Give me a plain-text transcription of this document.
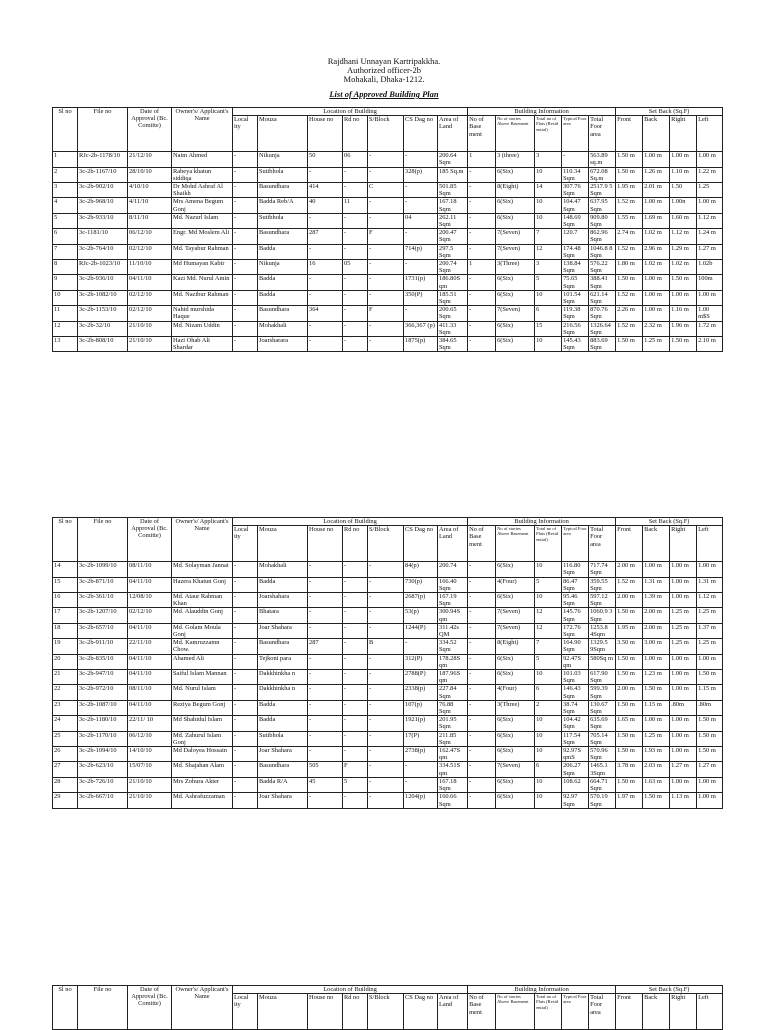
Rajdhani Unnayan Kartripakkha.
Authorized officer-2b
Mohakali, Dhaka-1212.
List of Approved Building Plan
Sl no	File no	Date of Approval (Bc. Comitte)	Owner's/ Applicant's Name	Location of Building							Building Information					Set Back (Sq.F)			
				Local ity	Mouza	House no	Rd no	S/Block	CS Dag no	Area of Land	No of Base ment	No of stories Above Basement	Total no of Flats (Resid ential)	Typical Foor area	Total Foor area	Front	Back	Right	Left
1	RJc-2b-1178/10	21/12/10	Naim Ahmed	-	Nikunja	50	06	-	-	200.64 Sqm	1	3 (three)	3	-	563.89 sq.m	1.50 m	1.00 m	1.00 m	1.00 m
2	3c-2b-1167/10	28/10/10	Rabeya khatun siddiqa	-	Sutibhola	-	-	-	328(p)	185 Sq.m	-	6(Six)	10	110.34 Sqm	672.08 Sq.m	1.50 m	1.26 m	1.10 m	1.22 m
3	3c-2b-902/10	4/10/10	Dr Mohd Ashraf Al Shaikh	-	Basundhara	414	-	C	-	501.85 Sqm	-	8(Eight)	14	307.76 Sqm	2517.9 5 Sqm	1.95 m	2.01 m	1.50	1.25
4	3c-2b-968/10	4/11/10	Mrs Amena Begum Gonj	-	Badda Reb/A	40	11	-	-	167.18 Sqm	-	6(Six)	10	104.47 Sqm	637.95 Sqm	1.52 m	1.00 m	1.00n	1.00 m
5	3c-2b-933/10	8/11/10	Md. Nazurl Islam	-	Sutibhola	-	-	-	04	262.11 Sqm	-	6(Six)	10	148.69 Sqm	909.80 Sqm	1.55 m	1.69 m	1.60 m	1.12 m
6	3c-1181/10	06/12/10	Engr. Md Moslem Ali	-	Basundhara	287	-	F	-	200.47 Sqm	-	7(Seven)	7	120.7	862.96 Sqm	2.74 m	1.02 m	1.12 m	1.24 m
7	3c-2b-764/10	02/12/10	Md. Tayabur Rahman	-	Badda	-	-	-	714(p)	297.5 Sqm	-	7(Seven)	12	174.48 Sqm	1046.8 8 Sqm	1.52 m	2.96 m	1.29 m	1.27 m
8	RJc-2b-1023/10	11/10/10	Md Humayan Kabir	-	Nikunja	16	05	-	-	200.74 Sqm	1	3(Three)	3	138.84 Sqm	576.22 Sqm	1.80 m	1.02 m	1.02 m	1.02b
9	3c-2b-936/10	04/11/10	Kazi Md. Nurul Amin	-	Badda	-	-	-	1731(p)	186.80S qm	-	6(Six)	5	75.65 Sqm	388.41 Sqm	1.50 m	1.00 m	1.50 m	100m
10	3c-2b-1082/10	02/12/10	Md. Nazibur Rahman	-	Badda	-	-	-	350(P)	185.51 Sqm	-	6(Six)	10	101.54 Sqm	621.14 Sqm	1.52 m	1.00 m	1.00 m	1.00 m
11	3c-2b-1153/10	02/12/10	Nahid murshida Haque	-	Basundhara	364	-	F	-	200.65 Sqm	-	7(Seven)	6	119.38 Sqm	870.76 Sqm	2.26 m	1.00 m	1.16 m	1.00 m$S
12	3c-2b-32/10	21/10/10	Md. Nizam Uddin	-	Mohakhali	-	-	-	366,367 (p)	411.33 Sqm	-	6(Six)	15	216.56 Sqm	1326.64 Sqm	1.52 m	2.32 m	1.96 m	1.72 m
13	3c-2b-808/10	21/10/10	Hazi Ohab Ali Shardar	-	Joarsharara	-	-	-	1875(p)	384.65 Sqm	-	6(Six)	10	145.43 Sqm	883.69 Sqm	1.50 m	1.25 m	1.50 m	2.10 m
Sl no	File no	Date of Approval (Bc. Comitte)	Owner's/ Applicant's Name	Location of Building							Building Information					Set Back (Sq.F)			
				Local ity	Mouza	House no	Rd no	S/Block	CS Dag no	Area of Land	No of Base ment	No of stories Above Basement	Total no of Flats (Resid ential)	Typical Foor area	Total Foor area	Front	Back	Right	Left
14	3c-2b-1099/10	08/11/10	Md. Solayman Jannat	-	Mohakhali	-	-	-	84(p)	200.74	-	6(Six)	10	116.80 Sqm	717.74 Sqm	2.00 m	1.00 m	1.00 m	1.00 m
15	3c-2b-871/10	04/11/10	Hazera Khatun Gonj	-	Badda	-	-	-	730(p)	166.40 Sqm	-	4(Four)	5	86.47 Sqm	359.55 Sqm	1.52 m	1.31 m	1.00 m	1.31 m
16	3c-2b-361/10	12/08/10	Md. Ataur Rahman Khan	-	Joarshahara	-	-	-	2687(p)	167.19 Sqm	-	6(Six)	10	95.46 Sqm	597.12 Sqm	2.00 m	1.39 m	1.00 m	1.12 m
17	3c-2b-1207/10	02/12/10	Md. Alauddin Gonj	-	Bhatara	-	-	-	53(p)	300.94S qm	-	7(Seven)	12	145.76 Sqm	1060.9 3 Sqm	1.50 m	2.00 m	1.25 m	1.25 m
18	3c-2b-657/10	04/11/10	Md. Golam Moula Gonj	-	Joar Shahara	-	-	-	1244(P)	311.42s QM	-	7(Seven)	12	172.76 Sqm	1253.8 4Sqm	1.95 m	2.00 m	1.25 m	1.37 m
19	3c-2b-911/10	22/11/10	Md. Kamruzzamn Chow.	-	Basundhara	287	-	B	-	334.52 Sqm	-	8(Eight)	7	164.90 Sqm	1329.5 9Sqm	3.50 m	3.00 m	1.25 m	1.25 m
20	3c-2b-835/10	04/11/10	Ahamed Ali	-	Tejkoni para	-	-	-	312(P)	178.28S qm	-	6(Six)	5	92.47S qm	580Sq m	1.50 m	1.00 m	1.00 m	1.00 m
21	3c-2b-947/10	04/11/10	Saiful Islam Mannan	-	Dakkhinkha n	-	-	-	2788(P)	187.96S qm	-	6(Six)	10	101.03 Sqm	617.90 Sqm	1.50 m	1.23 m	1.00 m	1.50 m
22	3c-2b-972/10	08/11/10	Md. Nurul Islam	-	Dakkhinkha n	-	-	-	2338(p)	227.84 Sqm	-	4(Four)	6	146.43 Sqm	599.39 Sqm	2.00 m	1.50 m	1.00 m	1.15 m
23	3c-2b-1087/10	04/11/10	Reziya Begum Gonj	-	Badda	-	-	-	107(p)	76.88 Sqm	-	3(Three)	2	38.74 Sqm	130.67 Sqm	1.50 m	1.15 m	.80m	.80m
24	3c-2b-1180/10	22/11/ 10	Md Shahidul Islam	-	Badda	-	-	-	1921(p)	201.95 Sqm	-	6(Six)	10	104.42 Sqm	635.69 Sqm	1.65 m	1.00 m	1.00 m	1.50 m
25	3c-2b-1170/10	06/12/10	Md. Zahurul Islam Gonj	-	Sutibhola	-	-	-	17(P)	211.85 Sqm	-	6(Six)	10	117.54 Sqm	705.14 Sqm	1.50 m	1.25 m	1.00 m	1.50 m
26	3c-2b-1094/10	14/10/10	Md Daloyea Hossain	-	Joar Shahara	-	-	-	2738(p)	162.47S qm	-	6(Six)	10	92.97S qmS	570.96 Sqm	1.50 m	1.93 m	1.00 m	1.50 m
27	3c-2b-623/10	15/07/10	Md. Shajahan Alam	-	Basundhara	505	F	-	-	334.51S qm	-	7(Seven)	6	206.27 Sqm	1465.1 3Sqm	3.78 m	2.03 m	1.27 m	1.27 m
28	3c-2b-726/10	21/10/10	Mrs Zohura Akter	-	Badda R/A	45	5	-	-	167.18 Sqm	-	6(Six)	10	108.62	664.71 Sqm	1.50 m	1.63 m	1.00 m	1.00 m
29	3c-2b-667/10	21/10/10	Md. Ashrafuzzaman	-	Joar Shahara	-	-	-	1204(p)	160.66 Sqm	-	6(Six)	10	92.97 Sqm	570.19 Sqm	1.97 m	1.50 m	1.13 m	1.00 m
Sl no	File no	Date of Approval (Bc. Comitte)	Owner's/ Applicant's Name	Location of Building							Building Information					Set Back (Sq.F)			
				Local ity	Mouza	House no	Rd no	S/Block	CS Dag no	Area of Land	No of Base ment	No of stories Above Basement	Total no of Flats (Resid ential)	Typical Foor area	Total Foor area	Front	Back	Right	Left
